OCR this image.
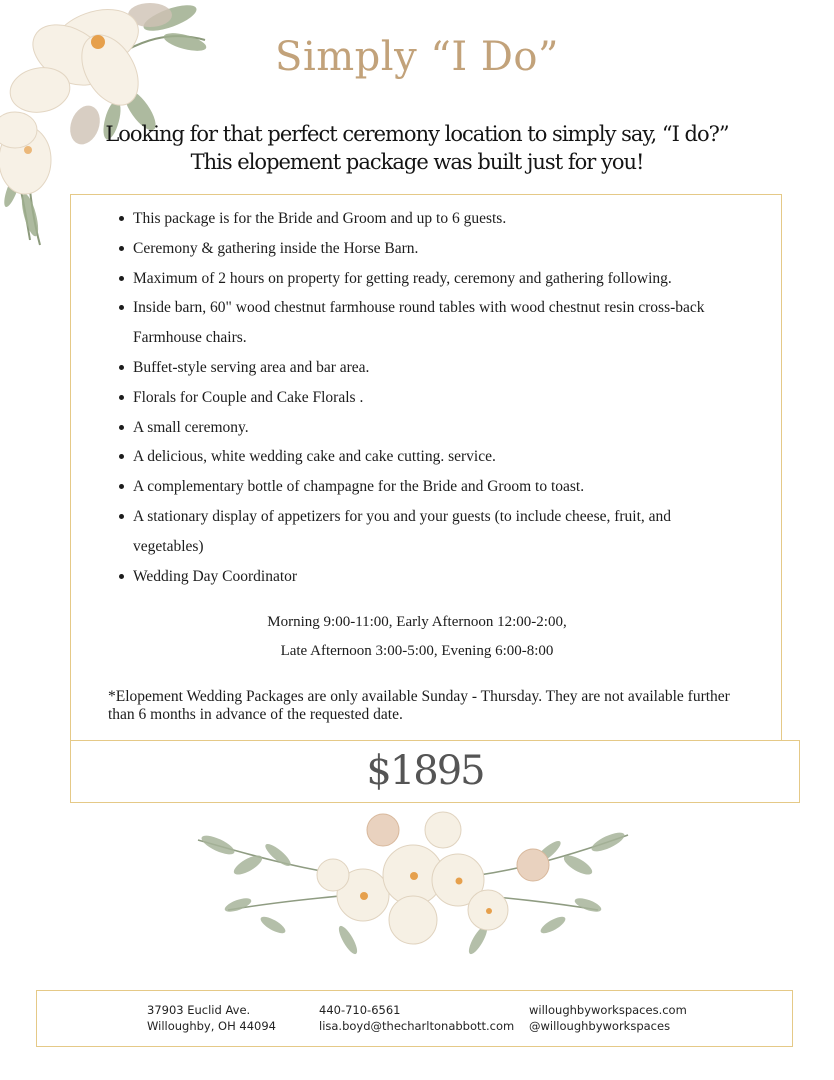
Simply “I Do”
Looking for that perfect ceremony location to simply say, “I do?”
This elopement package was built just for you!
This package is for the Bride and Groom and up to 6 guests.
Ceremony & gathering inside the Horse Barn.
Maximum of 2 hours on property for getting ready, ceremony and gathering following.
Inside barn, 60" wood chestnut farmhouse round tables with wood chestnut resin cross-back Farmhouse chairs.
Buffet-style serving area and bar area.
Florals for Couple and Cake Florals .
A small ceremony.
A delicious, white wedding cake and cake cutting. service.
A complementary bottle of champagne for the Bride and Groom to toast.
A stationary display of appetizers for you and your guests (to include cheese, fruit, and vegetables)
Wedding Day Coordinator
Morning 9:00-11:00, Early Afternoon 12:00-2:00,
Late Afternoon 3:00-5:00, Evening 6:00-8:00
*Elopement Wedding Packages are only available Sunday - Thursday. They are not available further than 6 months in advance of the requested date.
$1895
37903 Euclid Ave.
Willoughby, OH 44094
440-710-6561
lisa.boyd@thecharltonabbott.com
willoughbyworkspaces.com
@willoughbyworkspaces
